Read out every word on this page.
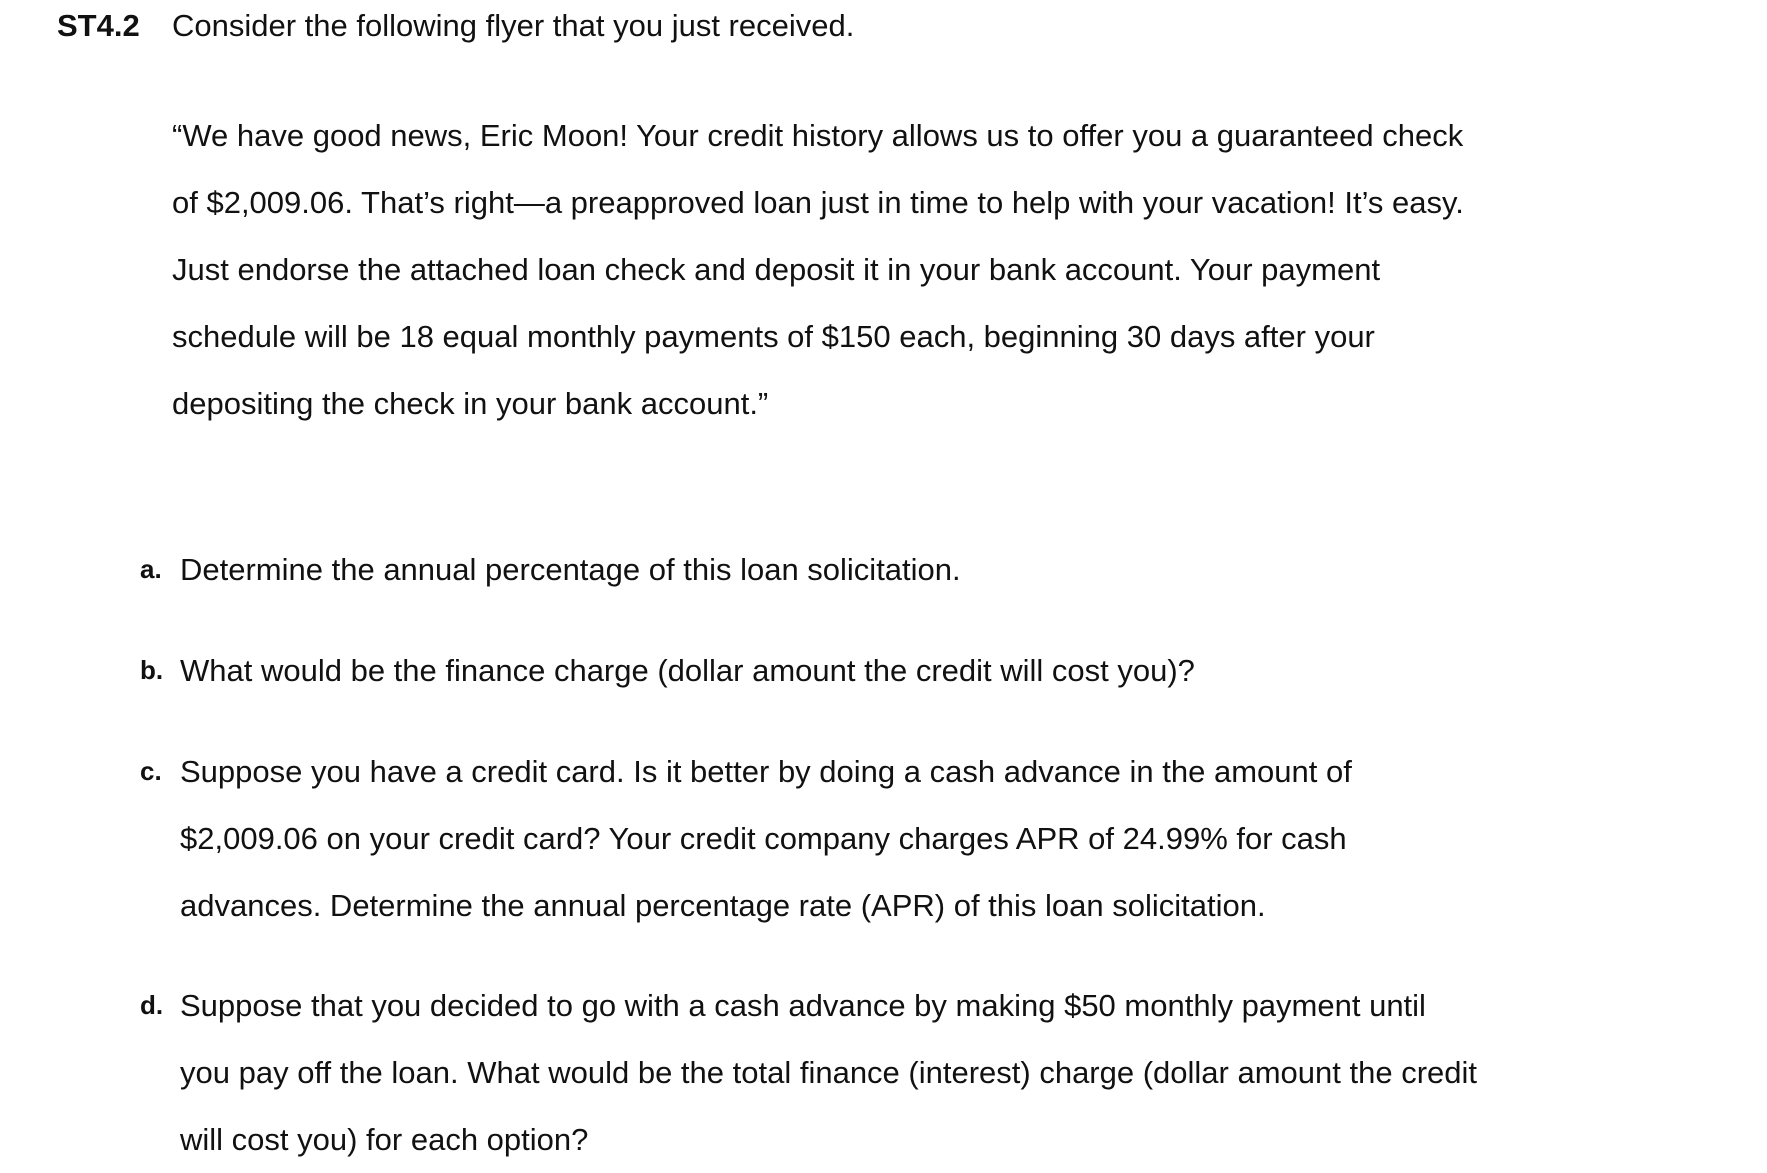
ST4.2 Consider the following flyer that you just received.
“We have good news, Eric Moon! Your credit history allows us to offer you a guaranteed check
of $2,009.06. That’s right—a preapproved loan just in time to help with your vacation! It’s easy.
Just endorse the attached loan check and deposit it in your bank account. Your payment
schedule will be 18 equal monthly payments of $150 each, beginning 30 days after your
depositing the check in your bank account.”
a. Determine the annual percentage of this loan solicitation.
b. What would be the finance charge (dollar amount the credit will cost you)?
c. Suppose you have a credit card. Is it better by doing a cash advance in the amount of
$2,009.06 on your credit card? Your credit company charges APR of 24.99% for cash
advances. Determine the annual percentage rate (APR) of this loan solicitation.
d. Suppose that you decided to go with a cash advance by making $50 monthly payment until
you pay off the loan. What would be the total finance (interest) charge (dollar amount the credit
will cost you) for each option?
